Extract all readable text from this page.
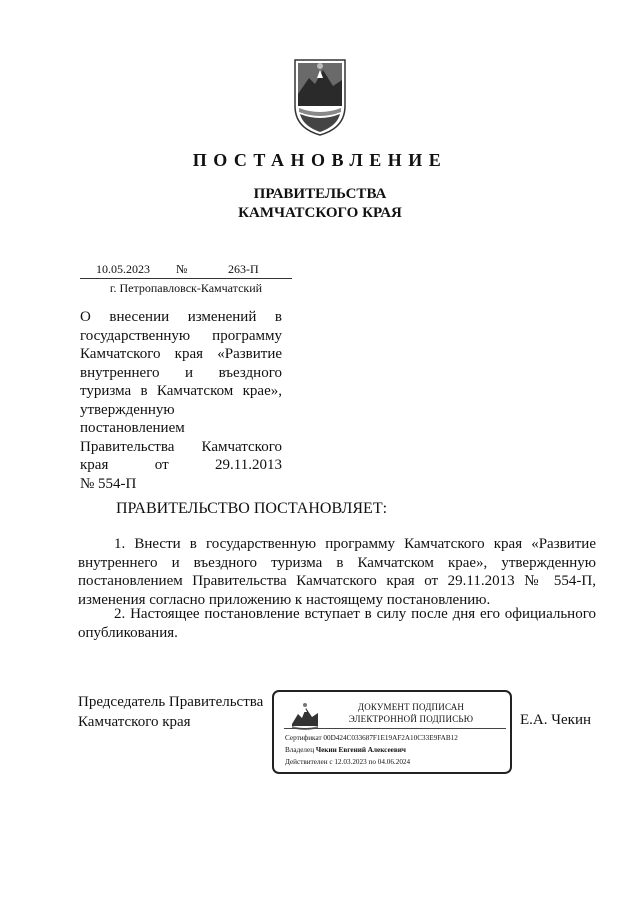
ПОСТАНОВЛЕНИЕ
ПРАВИТЕЛЬСТВА
КАМЧАТСКОГО КРАЯ
10.05.2023 №	263-П
г. Петропавловск-Камчатский
О внесении изменений в
государственную программу
Камчатского края «Развитие
внутреннего и въездного
туризма в Камчатском крае»,
утвержденную постановлением
Правительства Камчатского
края от 29.11.2013
№ 554-П
ПРАВИТЕЛЬСТВО ПОСТАНОВЛЯЕТ:
1. Внести в государственную программу Камчатского края «Развитие внутреннего и въездного туризма в Камчатском крае», утвержденную постановлением Правительства Камчатского края от 29.11.2013 № 554-П, изменения согласно приложению к настоящему постановлению.
2. Настоящее постановление вступает в силу после дня его официального опубликования.
Председатель Правительства
Камчатского края	Е.А. Чекин
ДОКУМЕНТ ПОДПИСАН
ЭЛЕКТРОННОЙ ПОДПИСЬЮ
Сертификат 00D424C033687F1E19AF2A10C33E9FAB12
Владелец Чекин Евгений Алексеевич
Действителен с 12.03.2023 по 04.06.2024
